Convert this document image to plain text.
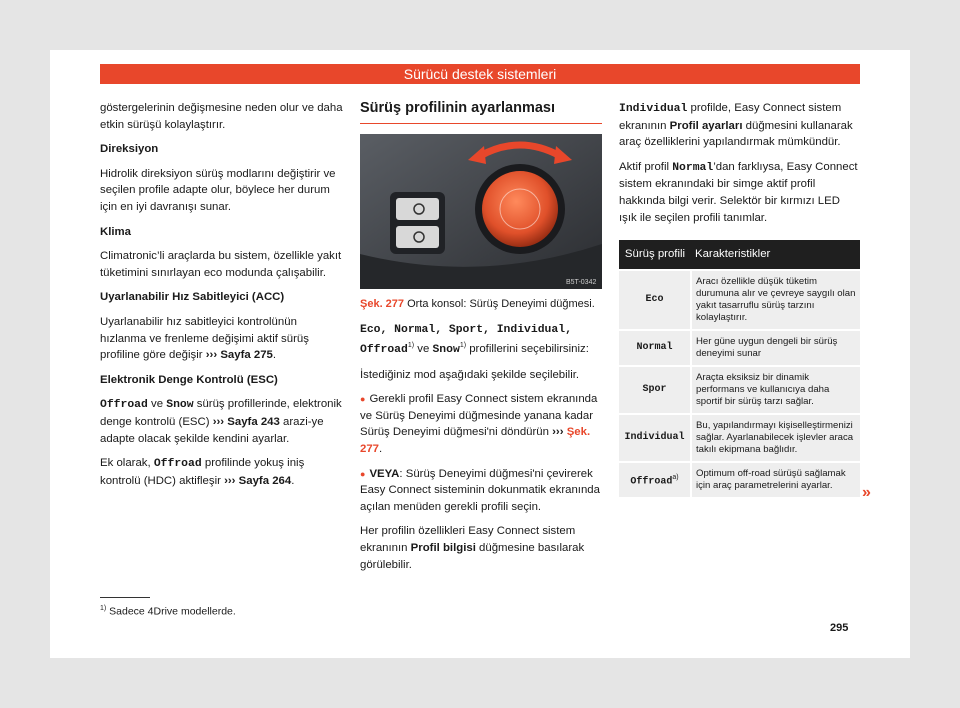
Sürücü destek sistemleri

göstergelerinin değişmesine neden olur ve daha etkin sürüşü kolaylaştırır.

Direksiyon

Hidrolik direksiyon sürüş modlarını değiştirir ve seçilen profile adapte olur, böylece her durum için en iyi davranışı sunar.

Klima

Climatronic’li araçlarda bu sistem, özellikle yakıt tüketimini sınırlayan eco modunda çalışabilir.

Uyarlanabilir Hız Sabitleyici (ACC)

Uyarlanabilir hız sabitleyici kontrolünün hızlanma ve frenleme değişimi aktif sürüş profiline göre değişir ››› Sayfa 275.

Elektronik Denge Kontrolü (ESC)

Offroad ve Snow sürüş profillerinde, elektronik denge kontrolü (ESC) ››› Sayfa 243 arazi-ye adapte olacak şekilde kendini ayarlar.

Ek olarak, Offroad profilinde yokuş iniş kontrolü (HDC) aktifleşir ››› Sayfa 264.

Sürüş profilinin ayarlanması
B5T-0342
Şek. 277 Orta konsol: Sürüş Deneyimi düğmesi.

Eco, Normal, Sport, Individual, Offroad$^{1)}$ ve Snow$^{1)}$ profillerini seçebilirsiniz:

İstediğiniz mod aşağıdaki şekilde seçilebilir.

● Gerekli profil Easy Connect sistem ekranında ve Sürüş Deneyimi düğmesinde yanana kadar Sürüş Deneyimi düğmesi'ni döndürün ››› Şek. 277.

● VEYA: Sürüş Deneyimi düğmesi'ni çevirerek Easy Connect sisteminin dokunmatik ekranında açılan menüden gerekli profili seçin.

Her profilin özellikleri Easy Connect sistem ekranının Profil bilgisi düğmesine basılarak görülebilir.

Individual profilde, Easy Connect sistem ekranının Profil ayarları düğmesini kullanarak araç özelliklerini yapılandırmak mümkündür.

Aktif profil Normal’dan farklıysa, Easy Connect sistem ekranındaki bir simge aktif profil hakkında bilgi verir. Selektör bir kırmızı LED ışık ile seçilen profili tanımlar.

Sürüş profili	Karakteristikler
Eco	Aracı özellikle düşük tüketim durumuna alır ve çevreye saygılı olan yakıt tasarruflu sürüş tarzını kolaylaştırır.
Normal	Her güne uygun dengeli bir sürüş deneyimi sunar
Spor	Araçta eksiksiz bir dinamik performans ve kullanıcıya daha sportif bir sürüş tarzı sağlar.
Individual	Bu, yapılandırmayı kişiselleştirmenizi sağlar. Ayarlanabilecek işlevler araca takılı ekipmana bağlıdır.
Offroad$^{a)}$	Optimum off-road sürüşü sağlamak için araç parametrelerini ayarlar. »
$^{1)}$ Sadece 4Drive modellerde.
295
